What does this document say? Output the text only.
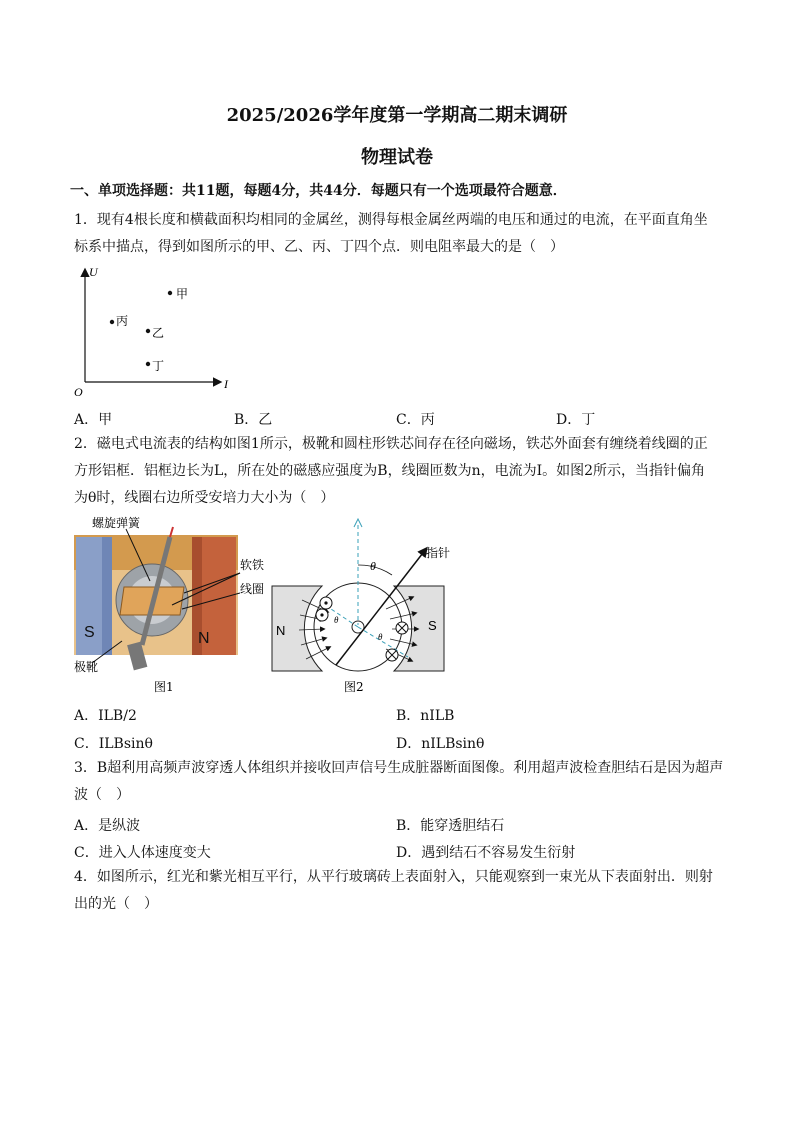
2025/2026学年度第一学期高二期末调研
物理试卷
一、单项选择题：共11题，每题4分，共44分．每题只有一个选项最符合题意．
1．现有4根长度和横截面积均相同的金属丝，测得每根金属丝两端的电压和通过的电流，在平面直角坐
标系中描点，得到如图所示的甲、乙、丙、丁四个点．则电阻率最大的是（　）
U
I
O
甲
丙
乙
丁
A．甲	B．乙	C．丙	D．丁
2．磁电式电流表的结构如图1所示，极靴和圆柱形铁芯间存在径向磁场，铁芯外面套有缠绕着线圈的正
方形铝框．铝框边长为L，所在处的磁感应强度为B，线圈匝数为n，电流为I。如图2所示，当指针偏角
为θ时，线圈右边所受安培力大小为（　）
螺旋弹簧
软铁
线圈
极靴
S	N
图1
θ
θ
θ
指针
N	S
图2
A．ILB/2	B．nILB
C．ILBsinθ	D．nILBsinθ
3．B超利用高频声波穿透人体组织并接收回声信号生成脏器断面图像。利用超声波检查胆结石是因为超声
波（　）
A．是纵波	B．能穿透胆结石
C．进入人体速度变大	D．遇到结石不容易发生衍射
4．如图所示，红光和紫光相互平行，从平行玻璃砖上表面射入，只能观察到一束光从下表面射出．则射
出的光（　）
